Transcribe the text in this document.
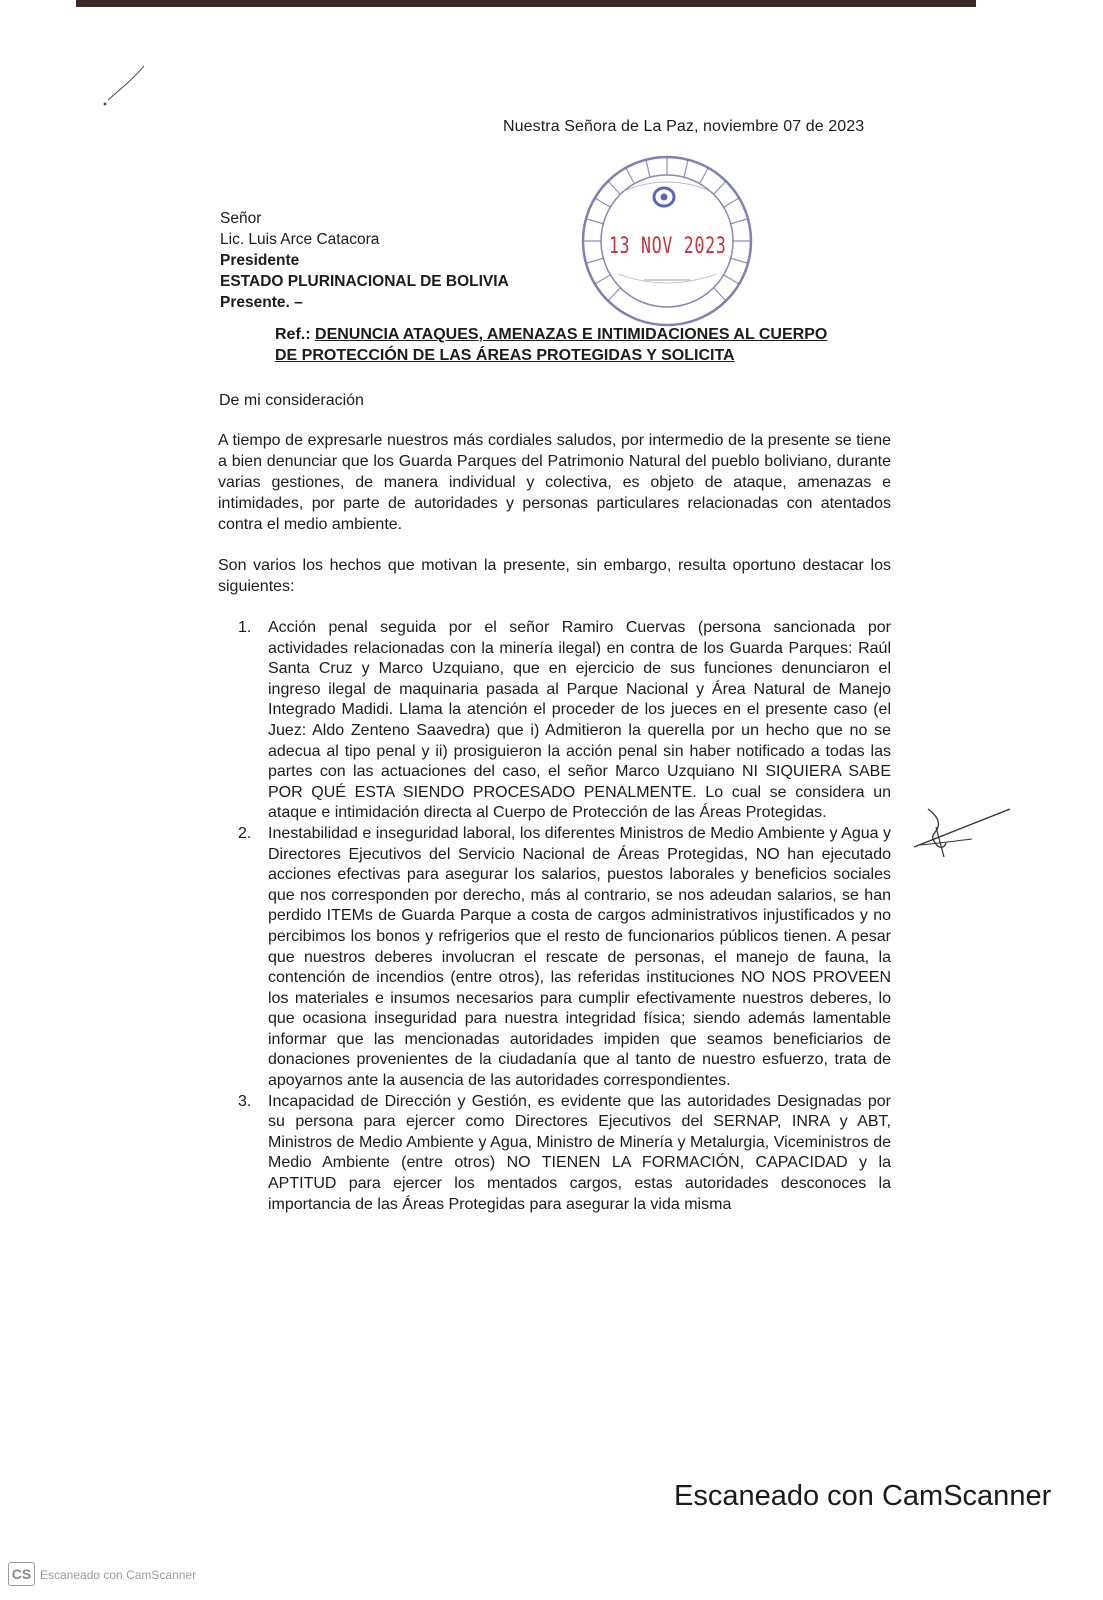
Nuestra Señora de La Paz, noviembre 07 de 2023
13 NOV 2023
Señor
Lic. Luis Arce Catacora
Presidente
ESTADO PLURINACIONAL DE BOLIVIA
Presente. –
Ref.: DENUNCIA ATAQUES, AMENAZAS E INTIMIDACIONES AL CUERPO
DE PROTECCIÓN DE LAS ÁREAS PROTEGIDAS Y SOLICITA
De mi consideración
A tiempo de expresarle nuestros más cordiales saludos, por intermedio de la presente se tiene a bien denunciar que los Guarda Parques del Patrimonio Natural del pueblo boliviano, durante varias gestiones, de manera individual y colectiva, es objeto de ataque, amenazas e intimidades, por parte de autoridades y personas particulares relacionadas con atentados contra el medio ambiente.
Son varios los hechos que motivan la presente, sin embargo, resulta oportuno destacar los siguientes:
1. Acción penal seguida por el señor Ramiro Cuervas (persona sancionada por actividades relacionadas con la minería ilegal) en contra de los Guarda Parques: Raúl Santa Cruz y Marco Uzquiano, que en ejercicio de sus funciones denunciaron el ingreso ilegal de maquinaria pasada al Parque Nacional y Área Natural de Manejo Integrado Madidi. Llama la atención el proceder de los jueces en el presente caso (el Juez: Aldo Zenteno Saavedra) que i) Admitieron la querella por un hecho que no se adecua al tipo penal y ii) prosiguieron la acción penal sin haber notificado a todas las partes con las actuaciones del caso, el señor Marco Uzquiano NI SIQUIERA SABE POR QUÉ ESTA SIENDO PROCESADO PENALMENTE. Lo cual se considera un ataque e intimidación directa al Cuerpo de Protección de las Áreas Protegidas.
2. Inestabilidad e inseguridad laboral, los diferentes Ministros de Medio Ambiente y Agua y Directores Ejecutivos del Servicio Nacional de Áreas Protegidas, NO han ejecutado acciones efectivas para asegurar los salarios, puestos laborales y beneficios sociales que nos corresponden por derecho, más al contrario, se nos adeudan salarios, se han perdido ITEMs de Guarda Parque a costa de cargos administrativos injustificados y no percibimos los bonos y refrigerios que el resto de funcionarios públicos tienen. A pesar que nuestros deberes involucran el rescate de personas, el manejo de fauna, la contención de incendios (entre otros), las referidas instituciones NO NOS PROVEEN los materiales e insumos necesarios para cumplir efectivamente nuestros deberes, lo que ocasiona inseguridad para nuestra integridad física; siendo además lamentable informar que las mencionadas autoridades impiden que seamos beneficiarios de donaciones provenientes de la ciudadanía que al tanto de nuestro esfuerzo, trata de apoyarnos ante la ausencia de las autoridades correspondientes.
3. Incapacidad de Dirección y Gestión, es evidente que las autoridades Designadas por su persona para ejercer como Directores Ejecutivos del SERNAP, INRA y ABT, Ministros de Medio Ambiente y Agua, Ministro de Minería y Metalurgia, Viceministros de Medio Ambiente (entre otros) NO TIENEN LA FORMACIÓN, CAPACIDAD y la APTITUD para ejercer los mentados cargos, estas autoridades desconoces la importancia de las Áreas Protegidas para asegurar la vida misma
Escaneado con CamScanner
CS Escaneado con CamScanner
